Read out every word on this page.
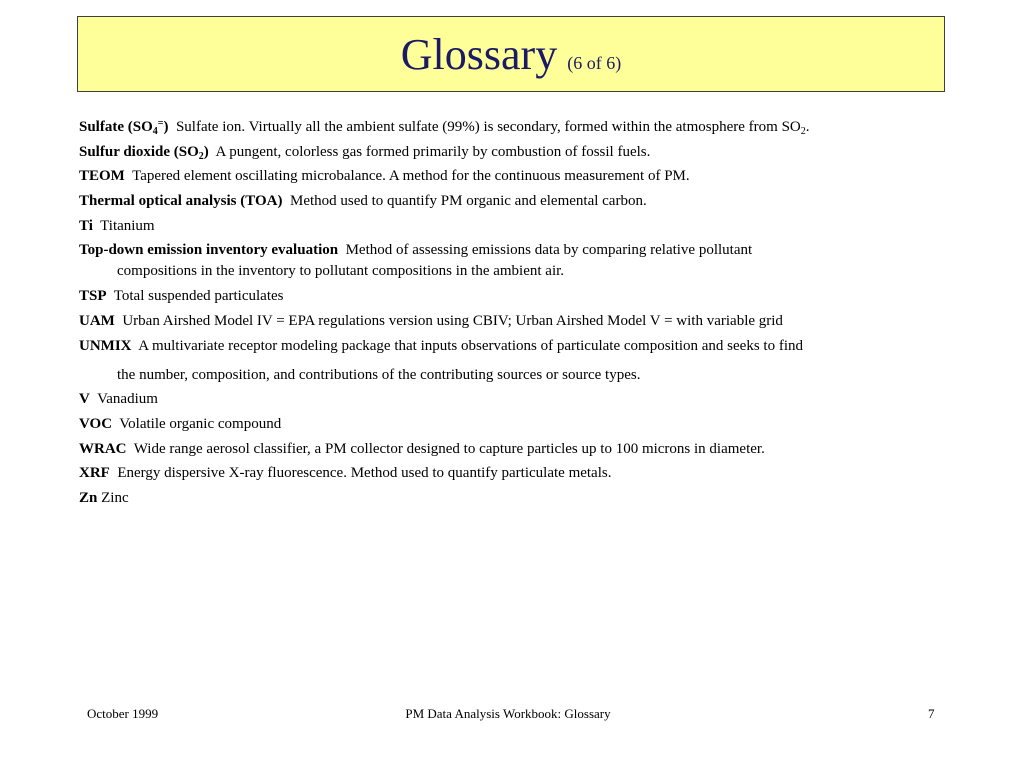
Glossary (6 of 6)
Sulfate $(SO_4^=)$ Sulfate ion. Virtually all the ambient sulfate (99%) is secondary, formed within the atmosphere from $SO_2$.
Sulfur dioxide $(SO_2)$ A pungent, colorless gas formed primarily by combustion of fossil fuels.
TEOM Tapered element oscillating microbalance. A method for the continuous measurement of PM.
Thermal optical analysis (TOA) Method used to quantify PM organic and elemental carbon.
Ti Titanium
Top-down emission inventory evaluation Method of assessing emissions data by comparing relative pollutant
compositions in the inventory to pollutant compositions in the ambient air.
TSP Total suspended particulates
UAM Urban Airshed Model IV = EPA regulations version using CBIV; Urban Airshed Model V = with variable grid
UNMIX A multivariate receptor modeling package that inputs observations of particulate composition and seeks to find
the number, composition, and contributions of the contributing sources or source types.
V Vanadium
VOC Volatile organic compound
WRAC Wide range aerosol classifier, a PM collector designed to capture particles up to 100 microns in diameter.
XRF Energy dispersive X-ray fluorescence. Method used to quantify particulate metals.
Zn Zinc
October 1999	PM Data Analysis Workbook: Glossary	7
